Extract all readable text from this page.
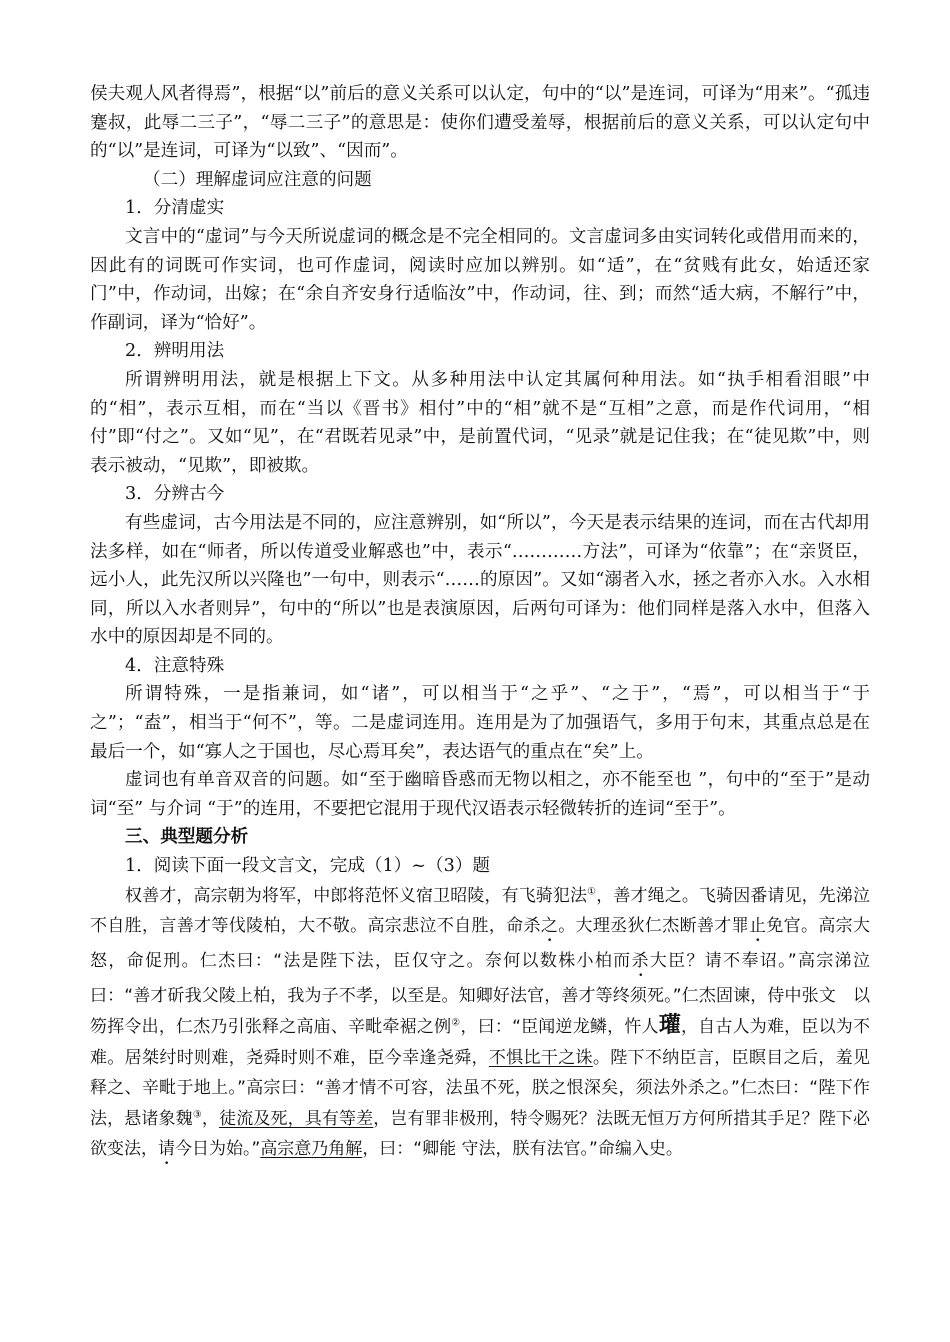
侯夫观人风者得焉”，根据“以”前后的意义关系可以认定，句中的“以”是连词，可译为“用来”。“孤违蹇叔，此辱二三子”，“辱二三子”的意思是：使你们遭受羞辱，根据前后的意义关系，可以认定句中的“以”是连词，可译为“以致”、“因而”。

（二）理解虚词应注意的问题

1．分清虚实

文言中的“虚词”与今天所说虚词的概念是不完全相同的。文言虚词多由实词转化或借用而来的，因此有的词既可作实词，也可作虚词，阅读时应加以辨别。如“适”，在“贫贱有此女，始适还家门”中，作动词，出嫁；在“余自齐安身行适临汝”中，作动词，往、到；而然“适大病，不解行”中，作副词，译为“恰好”。

2．辨明用法

所谓辨明用法，就是根据上下文。从多种用法中认定其属何种用法。如“执手相看泪眼”中的“相”，表示互相，而在“当以《晋书》相付”中的“相”就不是“互相”之意，而是作代词用，“相付”即“付之”。又如“见”，在“君既若见录”中，是前置代词，“见录”就是记住我；在“徒见欺”中，则表示被动，“见欺”，即被欺。

3．分辨古今

有些虚词，古今用法是不同的，应注意辨别，如“所以”，今天是表示结果的连词，而在古代却用法多样，如在“师者，所以传道受业解惑也”中，表示“…………方法”，可译为“依靠”；在“亲贤臣，远小人，此先汉所以兴隆也”一句中，则表示“……的原因”。又如“溺者入水，拯之者亦入水。入水相同，所以入水者则异”，句中的“所以”也是表演原因，后两句可译为：他们同样是落入水中，但落入水中的原因却是不同的。

4．注意特殊

所谓特殊，一是指兼词，如“诸”，可以相当于“之乎”、“之于”，“焉”，可以相当于“于之”；“盍”，相当于“何不”，等。二是虚词连用。连用是为了加强语气，多用于句末，其重点总是在最后一个，如“寡人之于国也，尽心焉耳矣”，表达语气的重点在“矣”上。

虚词也有单音双音的问题。如“至于幽暗昏惑而无物以相之，亦不能至也 ”，句中的“至于”是动词“至” 与介词 “于”的连用，不要把它混用于现代汉语表示轻微转折的连词“至于”。

三、典型题分析

1．阅读下面一段文言文，完成（1）~（3）题

权善才，高宗朝为将军，中郎将范怀义宿卫昭陵，有飞骑犯法①，善才绳之。飞骑因番请见，先涕泣不自胜，言善才等伐陵柏，大不敬。高宗悲泣不自胜，命杀之。大理丞狄仁杰断善才罪止免官。高宗大怒，命促刑。仁杰曰：“法是陛下法，臣仅守之。奈何以数株小柏而杀大臣？请不奉诏。”高宗涕泣曰：“善才斫我父陵上柏，我为子不孝，以至是。知卿好法官，善才等终须死。”仁杰固谏，侍中张文　以笏挥令出，仁杰乃引张释之高庙、辛毗牵裾之例②，曰：“臣闻逆龙鳞，忤人瓘，自古人为难，臣以为不难。居桀纣时则难，尧舜时则不难，臣今幸逢尧舜，不惧比干之诛。陛下不纳臣言，臣瞑目之后，羞见释之、辛毗于地上。”高宗曰：“善才情不可容，法虽不死，朕之恨深矣，须法外杀之。”仁杰曰：“陛下作法，悬诸象魏③，徒流及死，具有等差，岂有罪非极刑，特令赐死？法既无恒万方何所措其手足？陛下必欲变法，请今日为始。”高宗意乃角解，曰：“卿能 守法，朕有法官。”命编入史。
